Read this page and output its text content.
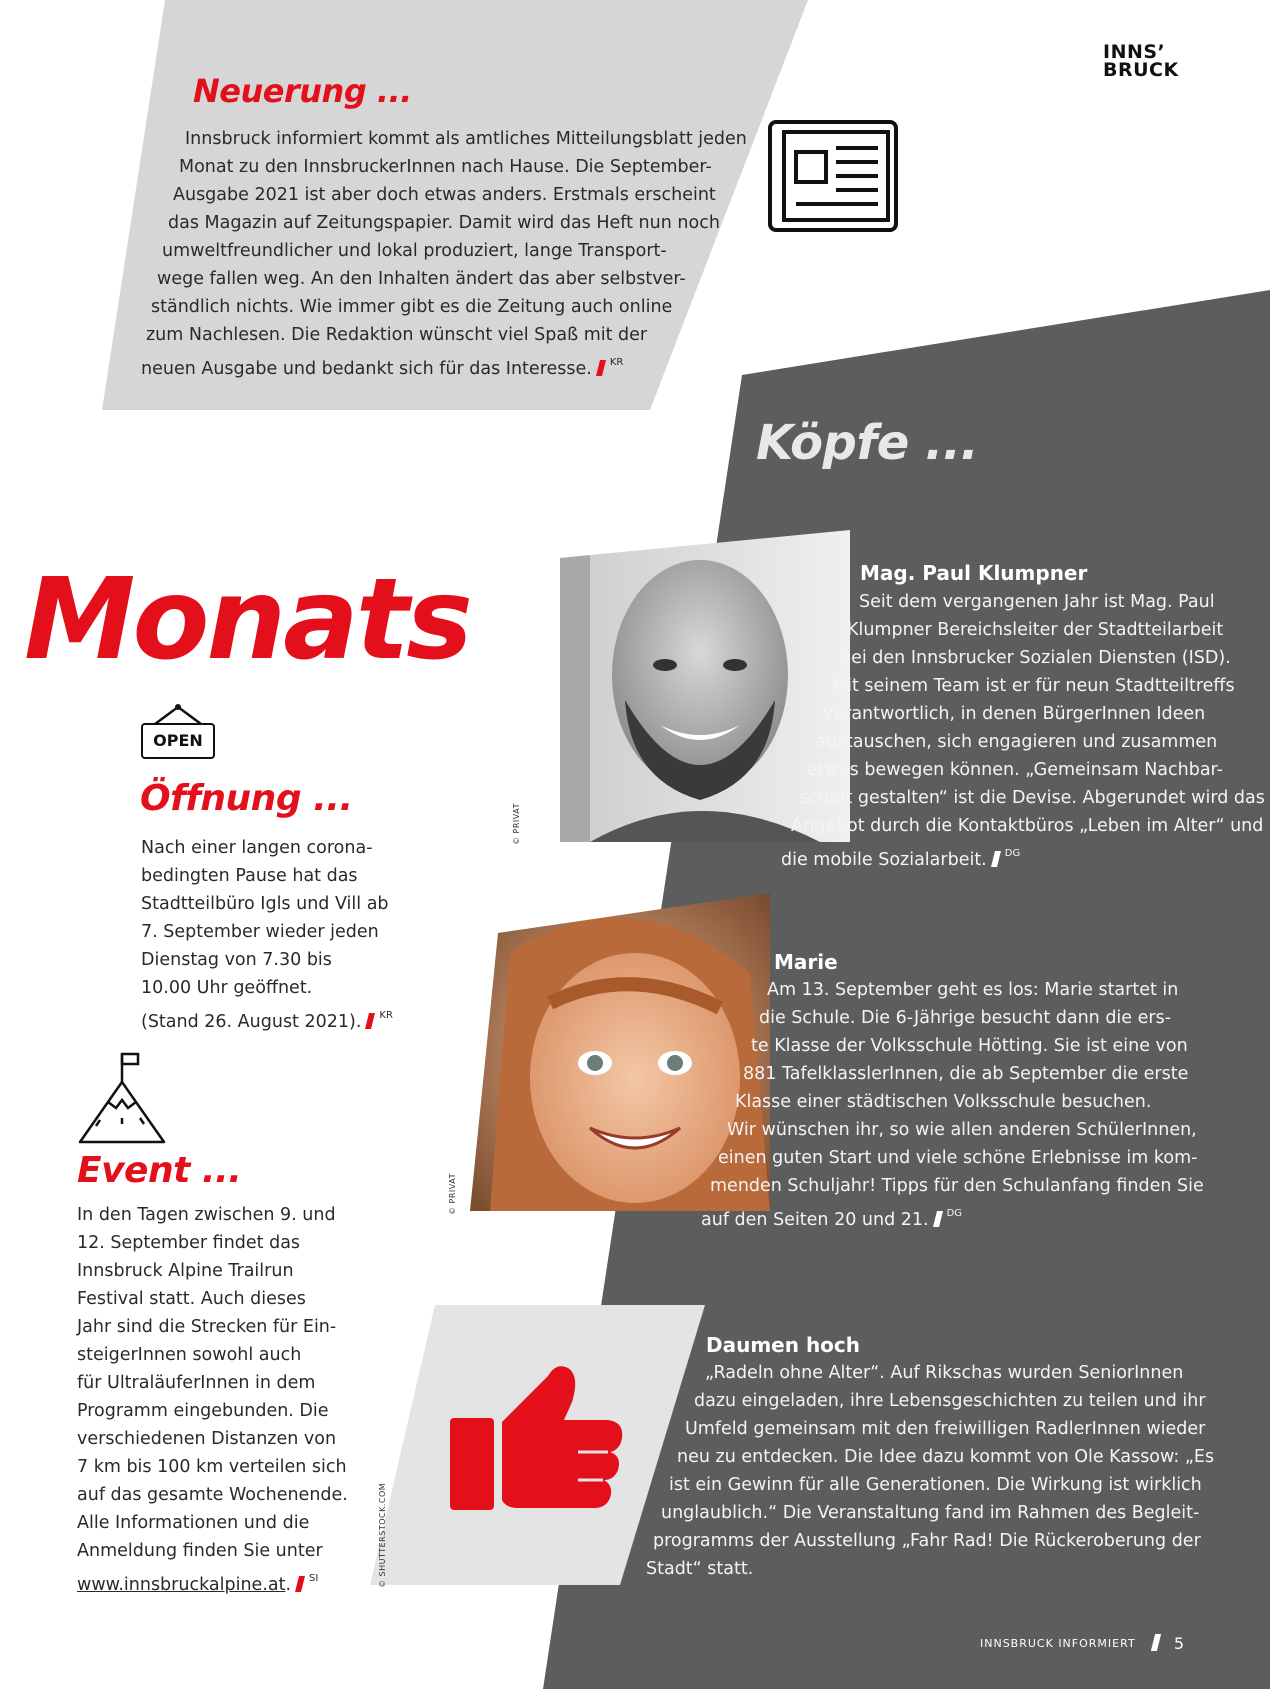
INNS’
BRUCK
Neuerung ...
Innsbruck informiert kommt als amtliches Mitteilungsblatt jeden
Monat zu den InnsbruckerInnen nach Hause. Die September-
Ausgabe 2021 ist aber doch etwas anders. Erstmals erscheint
das Magazin auf Zeitungspapier. Damit wird das Heft nun noch
umweltfreundlicher und lokal produziert, lange Transport-
wege fallen weg. An den Inhalten ändert das aber selbstver-
ständlich nichts. Wie immer gibt es die Zeitung auch online
zum Nachlesen. Die Redaktion wünscht viel Spaß mit der
neuen Ausgabe und bedankt sich für das Interesse. $^{KR}$
Köpfe ...
Monats
OPEN
Öffnung ...
Nach einer langen corona-
bedingten Pause hat das
Stadtteilbüro Igls und Vill ab
7. September wieder jeden
Dienstag von 7.30 bis
10.00 Uhr geöffnet.
(Stand 26. August 2021). $^{KR}$
Event ...
In den Tagen zwischen 9. und
12. September findet das
Innsbruck Alpine Trailrun
Festival statt. Auch dieses
Jahr sind die Strecken für Ein-
steigerInnen sowohl auch
für UltraläuferInnen in dem
Programm eingebunden. Die
verschiedenen Distanzen von
7 km bis 100 km verteilen sich
auf das gesamte Wochenende.
Alle Informationen und die
Anmeldung finden Sie unter
www.innsbruckalpine.at. $^{SI}$
© PRIVAT
Mag. Paul Klumpner
Seit dem vergangenen Jahr ist Mag. Paul
Klumpner Bereichsleiter der Stadtteilarbeit
bei den Innsbrucker Sozialen Diensten (ISD).
Mit seinem Team ist er für neun Stadtteiltreffs
verantwortlich, in denen BürgerInnen Ideen
austauschen, sich engagieren und zusammen
etwas bewegen können. „Gemeinsam Nachbar-
schaft gestalten“ ist die Devise. Abgerundet wird das
Angebot durch die Kontaktbüros „Leben im Alter“ und
die mobile Sozialarbeit. $^{DG}$
© PRIVAT
Marie
Am 13. September geht es los: Marie startet in
die Schule. Die 6-Jährige besucht dann die ers-
te Klasse der Volksschule Hötting. Sie ist eine von
881 TafelklasslerInnen, die ab September die erste
Klasse einer städtischen Volksschule besuchen.
Wir wünschen ihr, so wie allen anderen SchülerInnen,
einen guten Start und viele schöne Erlebnisse im kom-
menden Schuljahr! Tipps für den Schulanfang finden Sie
auf den Seiten 20 und 21. $^{DG}$
© SHUTTERSTOCK.COM
Daumen hoch
„Radeln ohne Alter“. Auf Rikschas wurden SeniorInnen
dazu eingeladen, ihre Lebensgeschichten zu teilen und ihr
Umfeld gemeinsam mit den freiwilligen RadlerInnen wieder
neu zu entdecken. Die Idee dazu kommt von Ole Kassow: „Es
ist ein Gewinn für alle Generationen. Die Wirkung ist wirklich
unglaublich.“ Die Veranstaltung fand im Rahmen des Begleit-
programms der Ausstellung „Fahr Rad! Die Rückeroberung der
Stadt“ statt.
INNSBRUCK INFORMIERT 5
